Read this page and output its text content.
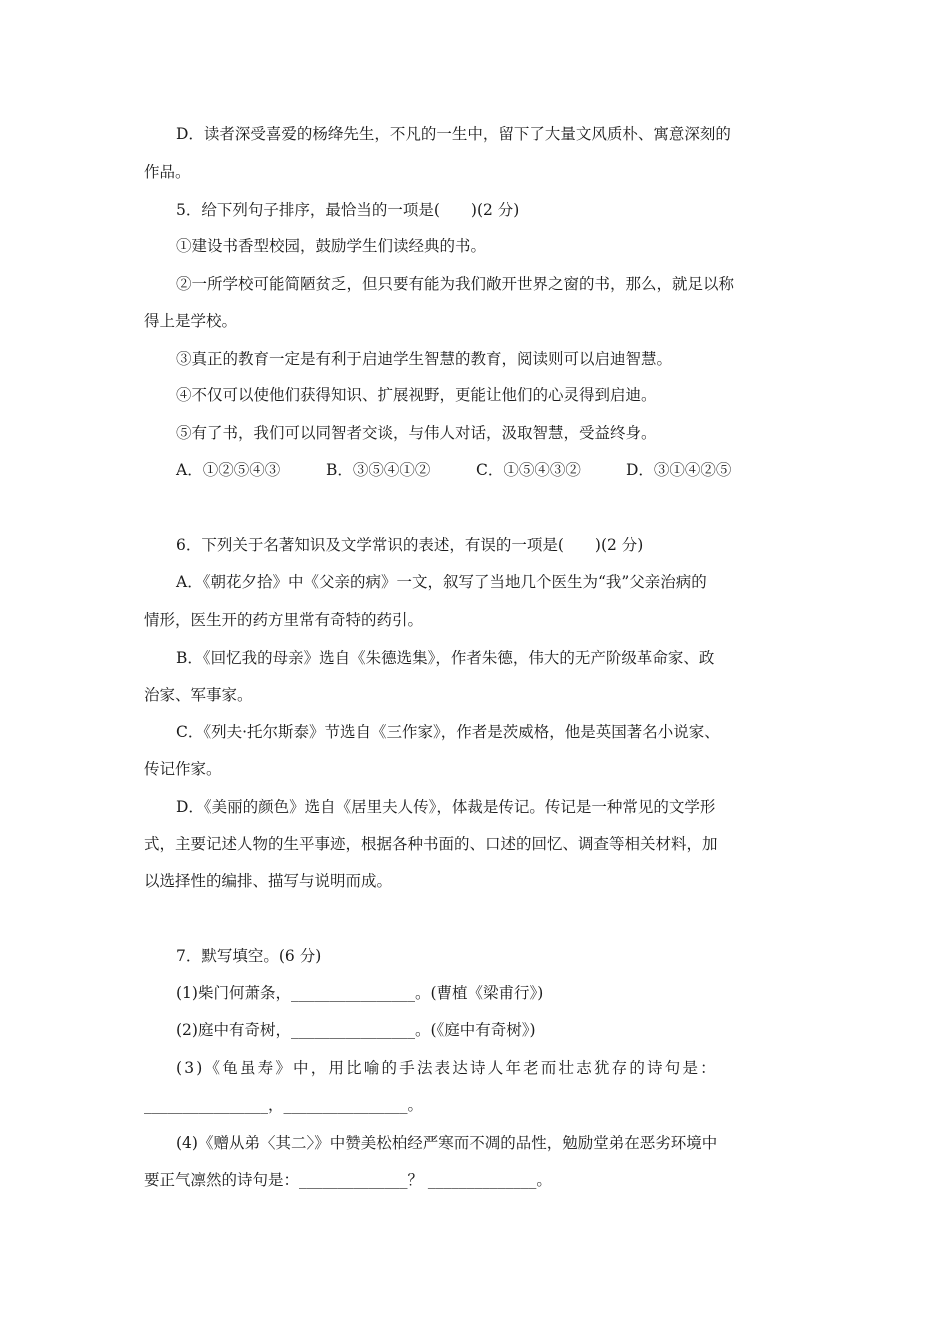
D．读者深受喜爱的杨绛先生，不凡的一生中，留下了大量文风质朴、寓意深刻的

作品。

5．给下列句子排序，最恰当的一项是(　　)(2 分)

①建设书香型校园，鼓励学生们读经典的书。

②一所学校可能简陋贫乏，但只要有能为我们敞开世界之窗的书，那么，就足以称

得上是学校。

③真正的教育一定是有利于启迪学生智慧的教育，阅读则可以启迪智慧。

④不仅可以使他们获得知识、扩展视野，更能让他们的心灵得到启迪。

⑤有了书，我们可以同智者交谈，与伟人对话，汲取智慧，受益终身。

A．①②⑤④③	B．③⑤④①②	C．①⑤④③②	D．③①④②⑤

6．下列关于名著知识及文学常识的表述，有误的一项是(　　)(2 分)

A．《朝花夕拾》中《父亲的病》一文，叙写了当地几个医生为“我”父亲治病的

情形，医生开的药方里常有奇特的药引。

B．《回忆我的母亲》选自《朱德选集》，作者朱德，伟大的无产阶级革命家、政

治家、军事家。

C．《列夫·托尔斯泰》节选自《三作家》，作者是茨威格，他是英国著名小说家、

传记作家。

D．《美丽的颜色》选自《居里夫人传》，体裁是传记。传记是一种常见的文学形

式，主要记述人物的生平事迹，根据各种书面的、口述的回忆、调查等相关材料，加

以选择性的编排、描写与说明而成。

7．默写填空。(6 分)

(1)柴门何萧条，________________。(曹植《梁甫行》)

(2)庭中有奇树，________________。(《庭中有奇树》)

(3)《龟虽寿》中，用比喻的手法表达诗人年老而壮志犹存的诗句是：

________________，________________。

(4)《赠从弟〈其二〉》中赞美松柏经严寒而不凋的品性，勉励堂弟在恶劣环境中

要正气凛然的诗句是：______________？ ______________。
